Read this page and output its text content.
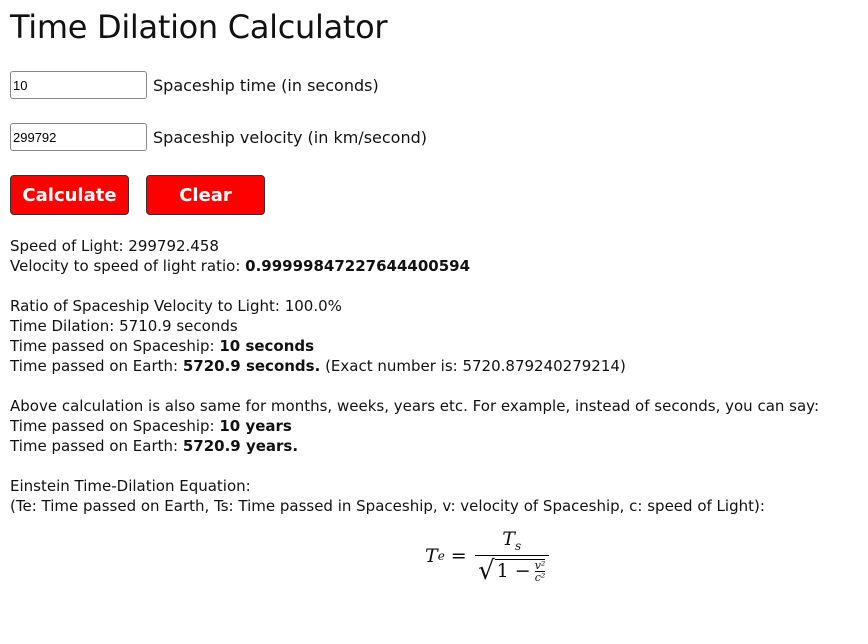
Time Dilation Calculator
10
Spaceship time (in seconds)
299792
Spaceship velocity (in km/second)
Calculate	Clear
Speed of Light: 299792.458
Velocity to speed of light ratio: 0.99999847227644400594

Ratio of Spaceship Velocity to Light: 100.0%
Time Dilation: 5710.9 seconds
Time passed on Spaceship: 10 seconds
Time passed on Earth: 5720.9 seconds. (Exact number is: 5720.879240279214)

Above calculation is also same for months, weeks, years etc. For example, instead of seconds, you can say:
Time passed on Spaceship: 10 years
Time passed on Earth: 5720.9 years.

Einstein Time-Dilation Equation:
(Te: Time passed on Earth, Ts: Time passed in Spaceship, v: velocity of Spaceship, c: speed of Light):
T $e = \frac{T_s}{√ 1 - \frac{\text{v²}}{\text{c²}}}$
